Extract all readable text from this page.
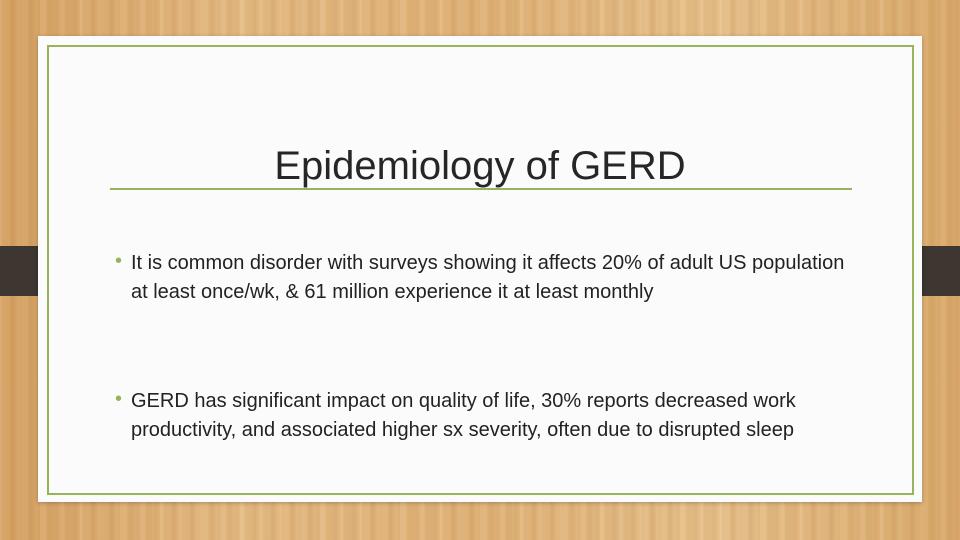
Epidemiology of GERD
• It is common disorder with surveys showing it affects 20% of adult US population at least once/wk, & 61 million experience it at least monthly
• GERD has significant impact on quality of life, 30% reports decreased work productivity, and associated higher sx severity, often due to disrupted sleep
